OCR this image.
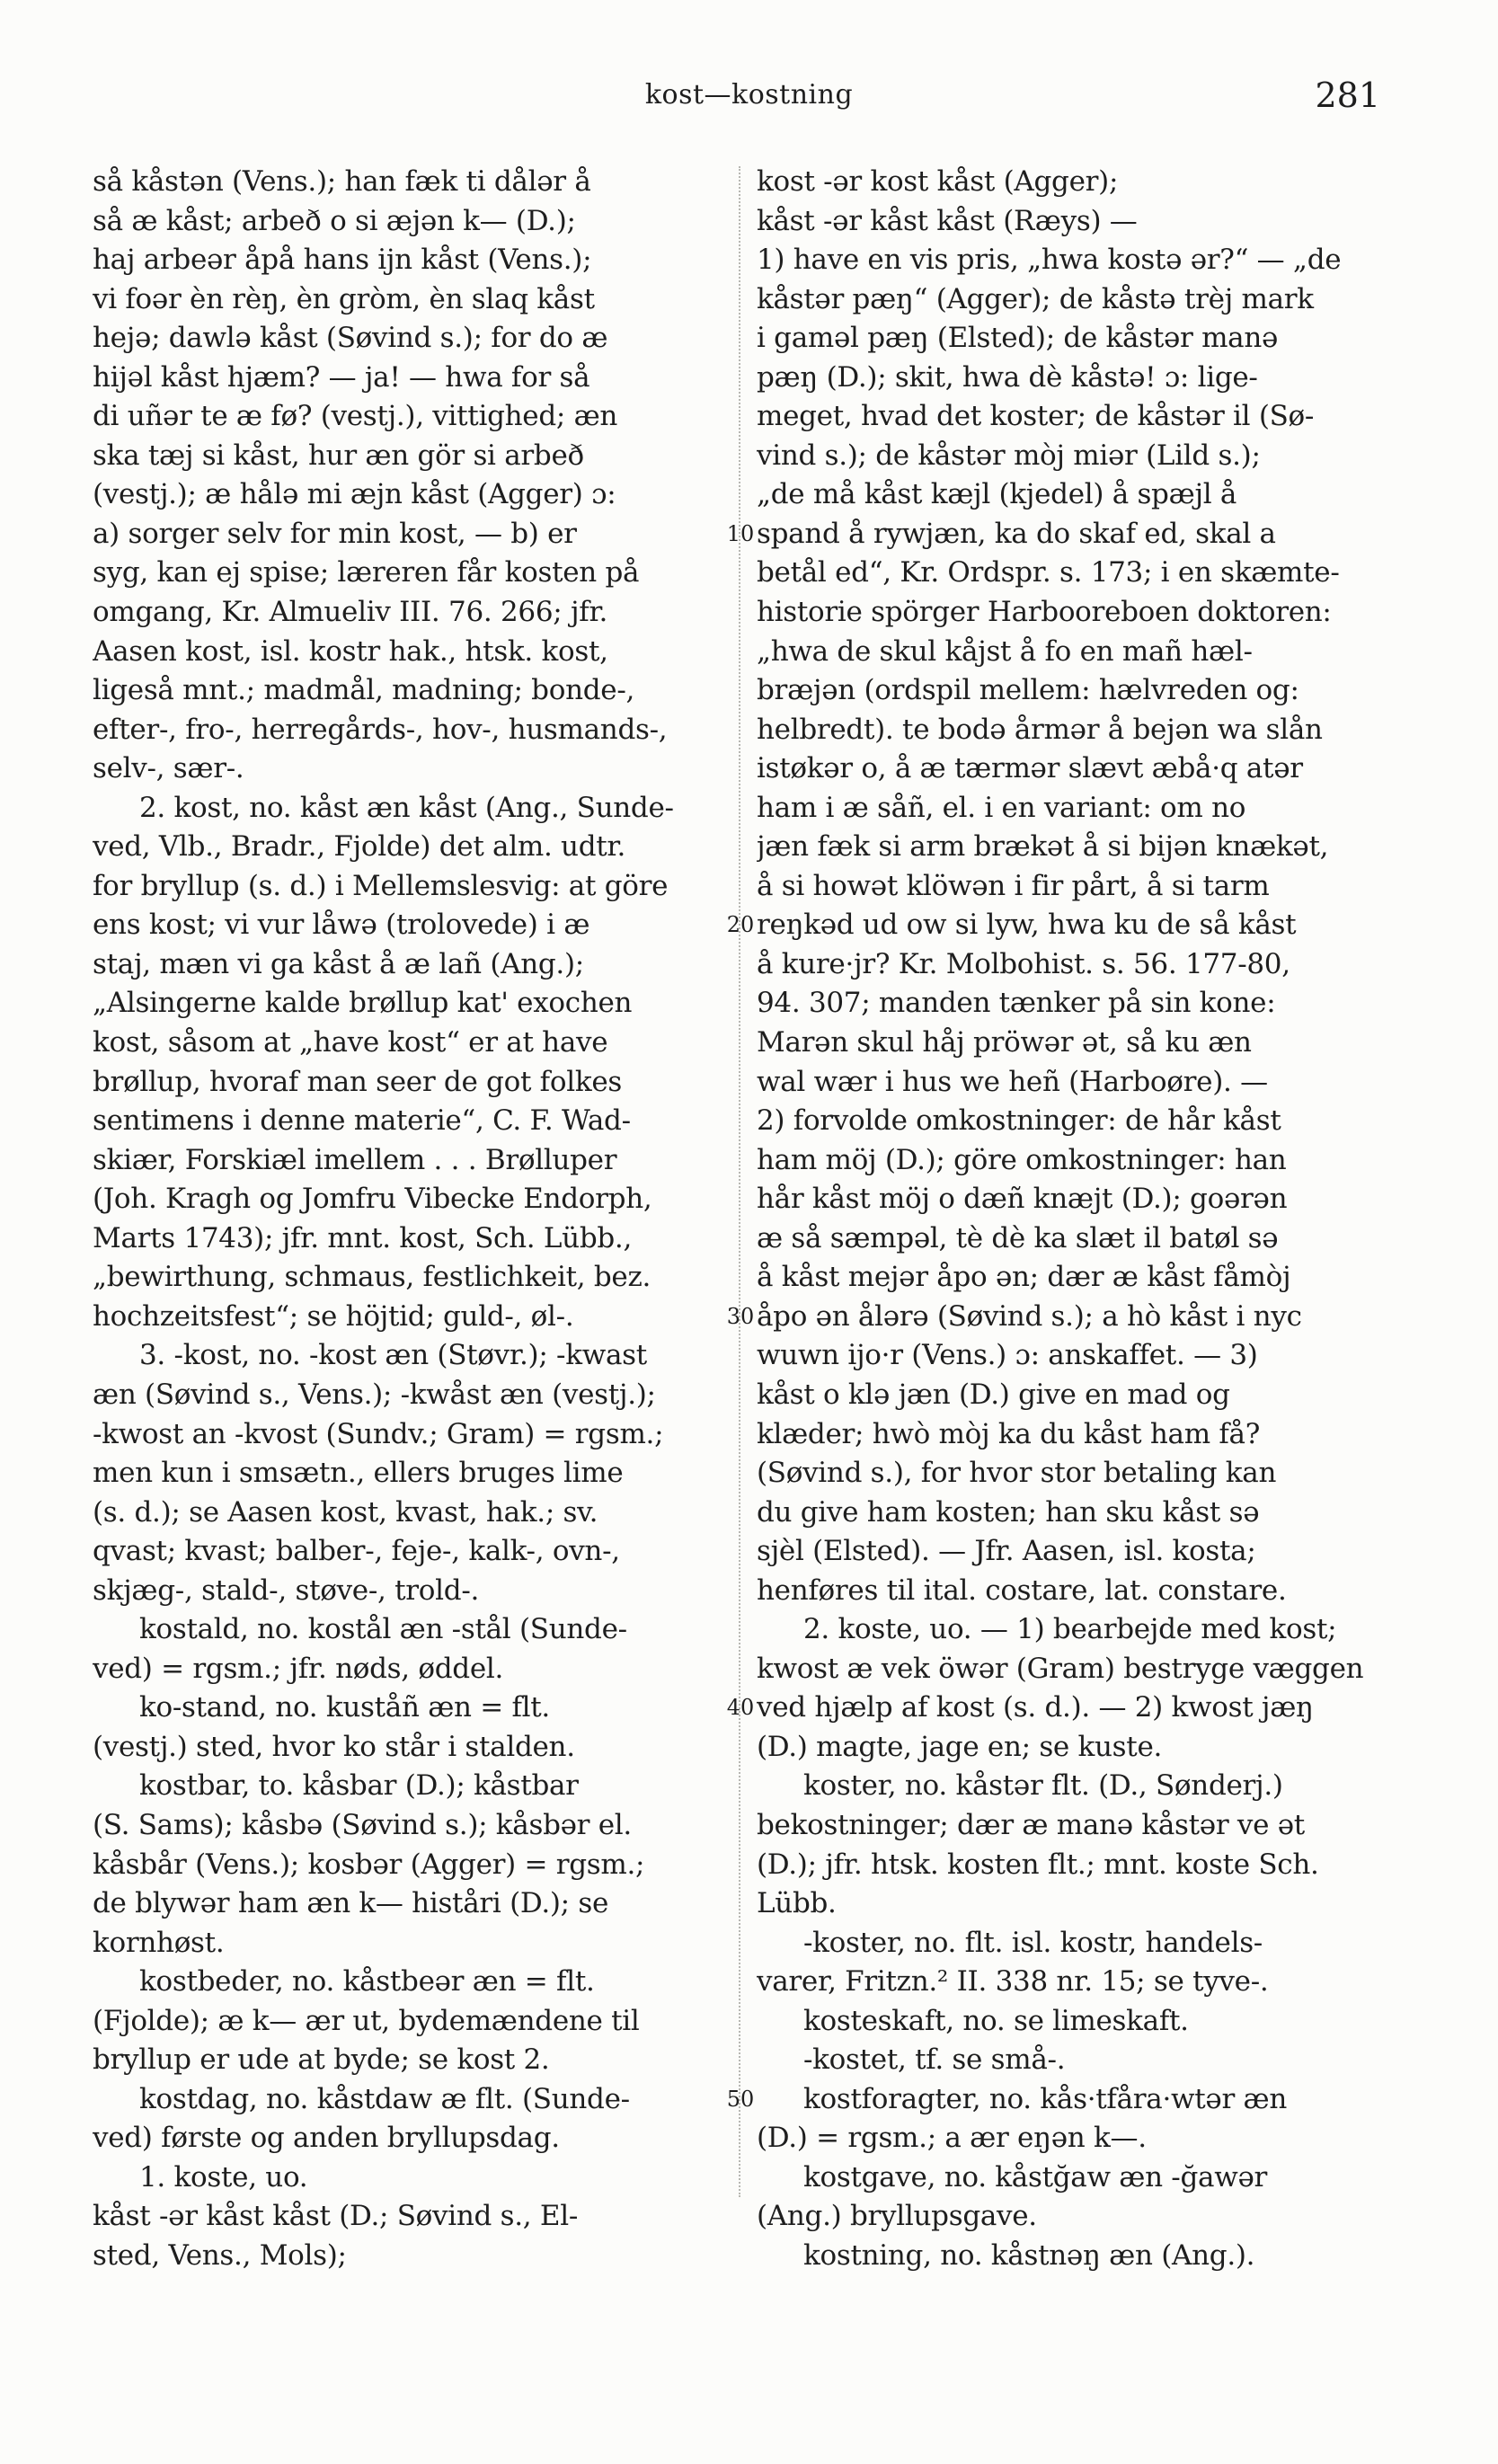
kost—kostning	281
så kåstən (Vens.); han fæk ti dålər å
så æ kåst; arbeð o si æjən k— (D.);
haj arbeər åpå hans ijn kåst (Vens.);
vi foər èn rèŋ, èn gròm, èn slaq kåst
hejə; dawlə kåst (Søvind s.); for do æ
hijəl kåst hjæm? — ja! — hwa for så
di uñər te æ fø? (vestj.), vittighed; æn
ska tæj si kåst, hur æn gör si arbeð
(vestj.); æ hålə mi æjn kåst (Agger) ɔ:
a) sorger selv for min kost, — b) er
syg, kan ej spise; læreren får kosten på
omgang, Kr. Almueliv III. 76. 266; jfr.
Aasen kost, isl. kostr hak., htsk. kost,
ligeså mnt.; madmål, madning; bonde-,
efter-, fro-, herregårds-, hov-, husmands-,
selv-, sær-.
2. kost, no. kåst æn kåst (Ang., Sunde-
ved, Vlb., Bradr., Fjolde) det alm. udtr.
for bryllup (s. d.) i Mellemslesvig: at göre
ens kost; vi vur låwə (trolovede) i æ
staj, mæn vi ga kåst å æ lañ (Ang.);
„Alsingerne kalde brøllup kat' exochen
kost, såsom at „have kost“ er at have
brøllup, hvoraf man seer de got folkes
sentimens i denne materie“, C. F. Wad-
skiær, Forskiæl imellem . . . Brølluper
(Joh. Kragh og Jomfru Vibecke Endorph,
Marts 1743); jfr. mnt. kost, Sch. Lübb.,
„bewirthung, schmaus, festlichkeit, bez.
hochzeitsfest“; se höjtid; guld-, øl-.
3. -kost, no. -kost æn (Støvr.); -kwast
æn (Søvind s., Vens.); -kwåst æn (vestj.);
-kwost an -kvost (Sundv.; Gram) = rgsm.;
men kun i smsætn., ellers bruges lime
(s. d.); se Aasen kost, kvast, hak.; sv.
qvast; kvast; balber-, feje-, kalk-, ovn-,
skjæg-, stald-, støve-, trold-.
kostald, no. kostål æn -stål (Sunde-
ved) = rgsm.; jfr. nøds, øddel.
ko-stand, no. kuståñ æn = flt.
(vestj.) sted, hvor ko står i stalden.
kostbar, to. kåsbar (D.); kåstbar
(S. Sams); kåsbə (Søvind s.); kåsbər el.
kåsbår (Vens.); kosbər (Agger) = rgsm.;
de blywər ham æn k— histåri (D.); se
kornhøst.
kostbeder, no. kåstbeər æn = flt.
(Fjolde); æ k— ær ut, bydemændene til
bryllup er ude at byde; se kost 2.
kostdag, no. kåstdaw æ flt. (Sunde-
ved) første og anden bryllupsdag.
1. koste, uo.
kåst -ər kåst kåst (D.; Søvind s., El-
sted, Vens., Mols);
10
20
30
40
50
kost -ər kost kåst (Agger);
kåst -ər kåst kåst (Ræys) —
1) have en vis pris, „hwa kostə ər?“ — „de
kåstər pæŋ“ (Agger); de kåstə trèj mark
i gaməl pæŋ (Elsted); de kåstər manə
pæŋ (D.); skit, hwa dè kåstə! ɔ: lige-
meget, hvad det koster; de kåstər il (Sø-
vind s.); de kåstər mòj miər (Lild s.);
„de må kåst kæjl (kjedel) å spæjl å
spand å rywjæn, ka do skaf ed, skal a
betål ed“, Kr. Ordspr. s. 173; i en skæmte-
historie spörger Harbooreboen doktoren:
„hwa de skul kåjst å fo en mañ hæl-
bræjən (ordspil mellem: hælvreden og:
helbredt). te bodə årmər å bejən wa slån
istøkər o, å æ tærmər slævt æbå·q atər
ham i æ såñ, el. i en variant: om no
jæn fæk si arm brækət å si bijən knækət,
å si howət klöwən i fir pårt, å si tarm
reŋkəd ud ow si lyw, hwa ku de så kåst
å kure·jr? Kr. Molbohist. s. 56. 177-80,
94. 307; manden tænker på sin kone:
Marən skul håj pröwər ət, så ku æn
wal wær i hus we heñ (Harboøre). —
2) forvolde omkostninger: de hår kåst
ham möj (D.); göre omkostninger: han
hår kåst möj o dæñ knæjt (D.); goərən
æ så sæmpəl, tè dè ka slæt il batøl sə
å kåst mejər åpo ən; dær æ kåst fåmòj
åpo ən ålərə (Søvind s.); a hò kåst i nyc
wuwn ijo·r (Vens.) ɔ: anskaffet. — 3)
kåst o klə jæn (D.) give en mad og
klæder; hwò mòj ka du kåst ham få?
(Søvind s.), for hvor stor betaling kan
du give ham kosten; han sku kåst sə
sjèl (Elsted). — Jfr. Aasen, isl. kosta;
henføres til ital. costare, lat. constare.
2. koste, uo. — 1) bearbejde med kost;
kwost æ vek öwər (Gram) bestryge væggen
ved hjælp af kost (s. d.). — 2) kwost jæŋ
(D.) magte, jage en; se kuste.
koster, no. kåstər flt. (D., Sønderj.)
bekostninger; dær æ manə kåstər ve ət
(D.); jfr. htsk. kosten flt.; mnt. koste Sch.
Lübb.
-koster, no. flt. isl. kostr, handels-
varer, Fritzn.² II. 338 nr. 15; se tyve-.
kosteskaft, no. se limeskaft.
-kostet, tf. se små-.
kostforagter, no. kås·tfåra·wtər æn
(D.) = rgsm.; a ær eŋən k—.
kostgave, no. kåstğaw æn -ğawər
(Ang.) bryllupsgave.
kostning, no. kåstnəŋ æn (Ang.).
